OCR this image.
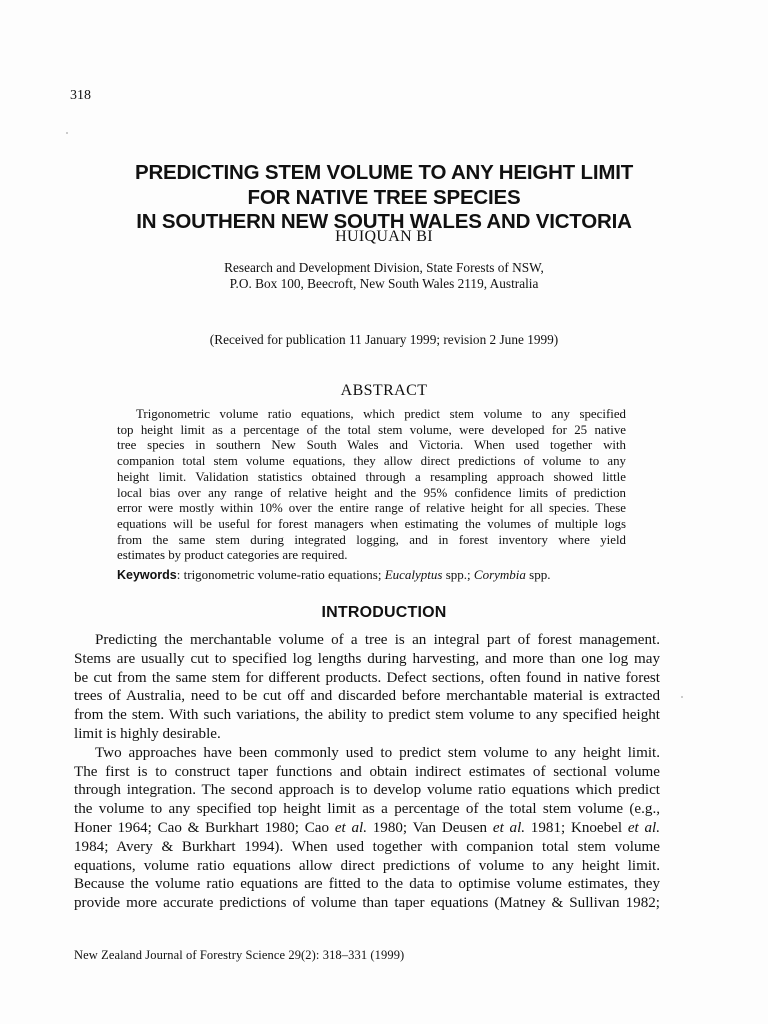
318
PREDICTING STEM VOLUME TO ANY HEIGHT LIMIT
FOR NATIVE TREE SPECIES
IN SOUTHERN NEW SOUTH WALES AND VICTORIA
HUIQUAN BI
Research and Development Division, State Forests of NSW,
P.O. Box 100, Beecroft, New South Wales 2119, Australia
(Received for publication 11 January 1999; revision 2 June 1999)
ABSTRACT
Trigonometric volume ratio equations, which predict stem volume to any specified
top height limit as a percentage of the total stem volume, were developed for 25 native
tree species in southern New South Wales and Victoria. When used together with
companion total stem volume equations, they allow direct predictions of volume to any
height limit. Validation statistics obtained through a resampling approach showed little
local bias over any range of relative height and the 95% confidence limits of prediction
error were mostly within 10% over the entire range of relative height for all species. These
equations will be useful for forest managers when estimating the volumes of multiple logs
from the same stem during integrated logging, and in forest inventory where yield
estimates by product categories are required.
Keywords: trigonometric volume-ratio equations; Eucalyptus spp.; Corymbia spp.
INTRODUCTION
Predicting the merchantable volume of a tree is an integral part of forest management.
Stems are usually cut to specified log lengths during harvesting, and more than one log may
be cut from the same stem for different products. Defect sections, often found in native forest
trees of Australia, need to be cut off and discarded before merchantable material is extracted
from the stem. With such variations, the ability to predict stem volume to any specified height
limit is highly desirable.
Two approaches have been commonly used to predict stem volume to any height limit.
The first is to construct taper functions and obtain indirect estimates of sectional volume
through integration. The second approach is to develop volume ratio equations which predict
the volume to any specified top height limit as a percentage of the total stem volume (e.g.,
Honer 1964; Cao & Burkhart 1980; Cao et al. 1980; Van Deusen et al. 1981; Knoebel et al.
1984; Avery & Burkhart 1994). When used together with companion total stem volume
equations, volume ratio equations allow direct predictions of volume to any height limit.
Because the volume ratio equations are fitted to the data to optimise volume estimates, they
provide more accurate predictions of volume than taper equations (Matney & Sullivan 1982;
New Zealand Journal of Forestry Science 29(2): 318–331 (1999)
